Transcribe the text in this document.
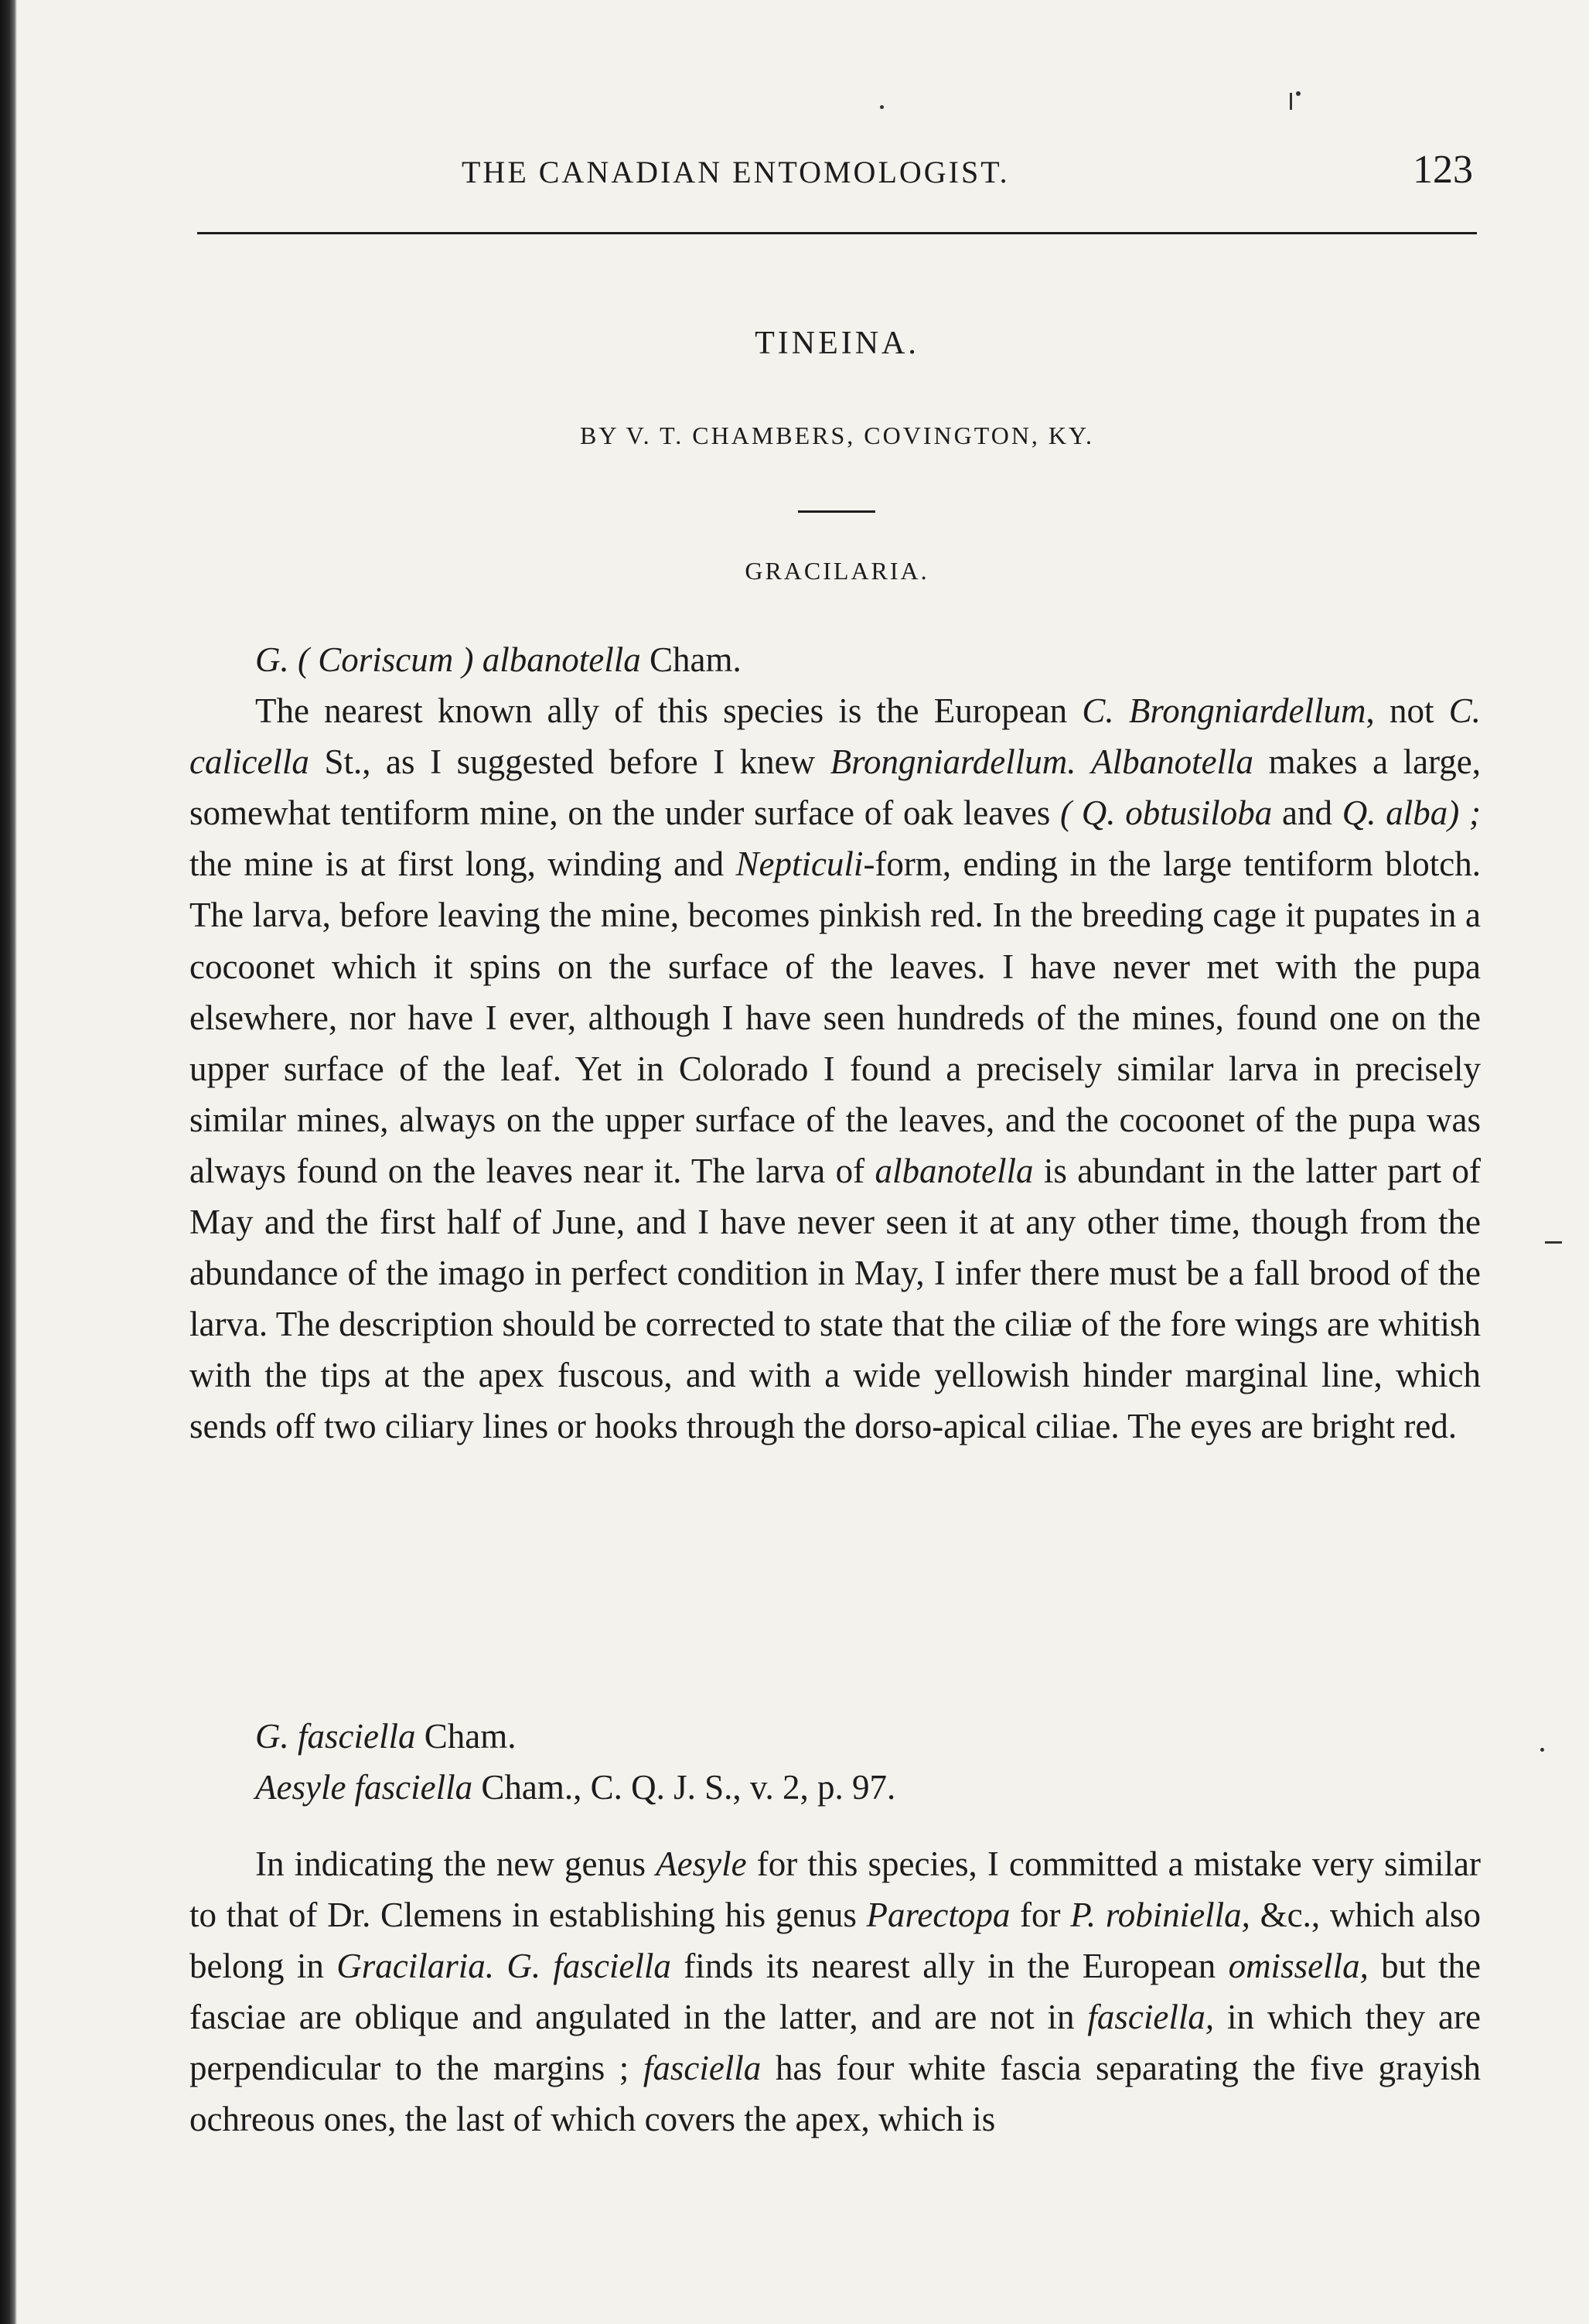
THE CANADIAN ENTOMOLOGIST.	123
TINEINA.
BY V. T. CHAMBERS, COVINGTON, KY.
GRACILARIA.

G. ( Coriscum ) albanotella Cham.

The nearest known ally of this species is the European C. Brongniardellum, not C. calicella St., as I suggested before I knew Brongniardellum. Albanotella makes a large, somewhat tentiform mine, on the under surface of oak leaves ( Q. obtusiloba and Q. alba) ; the mine is at first long, winding and Nepticuli-form, ending in the large tentiform blotch. The larva, before leaving the mine, becomes pinkish red. In the breeding cage it pupates in a cocoonet which it spins on the surface of the leaves. I have never met with the pupa elsewhere, nor have I ever, although I have seen hundreds of the mines, found one on the upper surface of the leaf. Yet in Colorado I found a precisely similar larva in precisely similar mines, always on the upper surface of the leaves, and the cocoonet of the pupa was always found on the leaves near it. The larva of albanotella is abundant in the latter part of May and the first half of June, and I have never seen it at any other time, though from the abundance of the imago in perfect condition in May, I infer there must be a fall brood of the larva. The description should be corrected to state that the ciliæ of the fore wings are whitish with the tips at the apex fuscous, and with a wide yellowish hinder marginal line, which sends off two ciliary lines or hooks through the dorso-apical ciliae. The eyes are bright red.

G. fasciella Cham.

Aesyle fasciella Cham., C. Q. J. S., v. 2, p. 97.

In indicating the new genus Aesyle for this species, I committed a mistake very similar to that of Dr. Clemens in establishing his genus Parectopa for P. robiniella, &c., which also belong in Gracilaria. G. fasciella finds its nearest ally in the European omissella, but the fasciae are oblique and angulated in the latter, and are not in fasciella, in which they are perpendicular to the margins ; fasciella has four white fascia separating the five grayish ochreous ones, the last of which covers the apex, which is
